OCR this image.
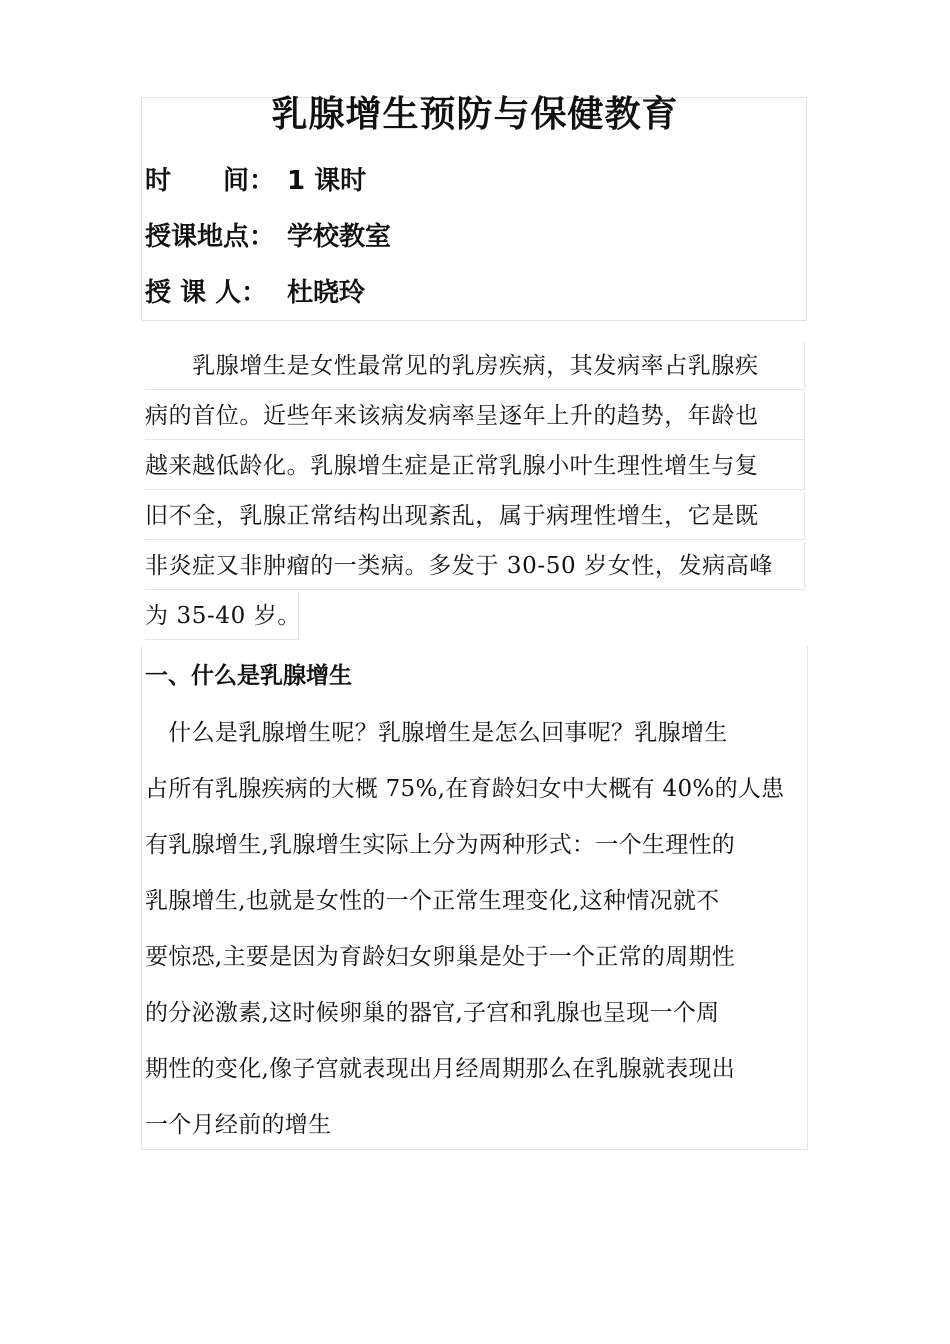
乳腺增生预防与保健教育
时　　间： 1 课时
授课地点： 学校教室
授 课 人： 杜晓玲
　　乳腺增生是女性最常见的乳房疾病，其发病率占乳腺疾
病的首位。近些年来该病发病率呈逐年上升的趋势，年龄也
越来越低龄化。乳腺增生症是正常乳腺小叶生理性增生与复
旧不全，乳腺正常结构出现紊乱，属于病理性增生，它是既
非炎症又非肿瘤的一类病。多发于 30-50 岁女性，发病高峰
为 35-40 岁。
一、什么是乳腺增生
　什么是乳腺增生呢？乳腺增生是怎么回事呢？乳腺增生
占所有乳腺疾病的大概 75%,在育龄妇女中大概有 40%的人患
有乳腺增生,乳腺增生实际上分为两种形式：一个生理性的
乳腺增生,也就是女性的一个正常生理变化,这种情况就不
要惊恐,主要是因为育龄妇女卵巢是处于一个正常的周期性
的分泌激素,这时候卵巢的器官,子宫和乳腺也呈现一个周
期性的变化,像子宫就表现出月经周期那么在乳腺就表现出
一个月经前的增生
